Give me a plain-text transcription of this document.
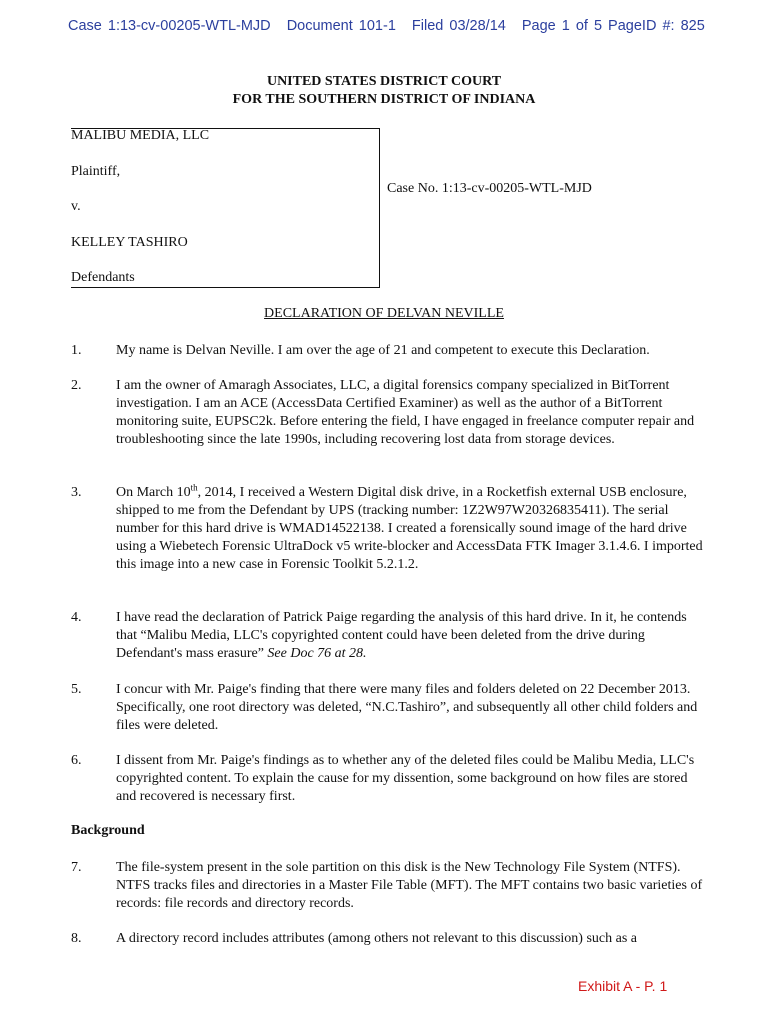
Case 1:13-cv-00205-WTL-MJD Document 101-1 Filed 03/28/14 Page 1 of 5 PageID #: 825
UNITED STATES DISTRICT COURT
FOR THE SOUTHERN DISTRICT OF INDIANA
MALIBU MEDIA, LLC
Plaintiff,
v.
KELLEY TASHIRO
Defendants
Case No. 1:13-cv-00205-WTL-MJD
DECLARATION OF DELVAN NEVILLE
1. My name is Delvan Neville. I am over the age of 21 and competent to execute this Declaration.

2. I am the owner of Amaragh Associates, LLC, a digital forensics company specialized in BitTorrent investigation. I am an ACE (AccessData Certified Examiner) as well as the author of a BitTorrent monitoring suite, EUPSC2k. Before entering the field, I have engaged in freelance computer repair and troubleshooting since the late 1990s, including recovering lost data from storage devices.

3. On March 10th, 2014, I received a Western Digital disk drive, in a Rocketfish external USB enclosure, shipped to me from the Defendant by UPS (tracking number: 1Z2W97W20326835411). The serial number for this hard drive is WMAD14522138. I created a forensically sound image of the hard drive using a Wiebetech Forensic UltraDock v5 write-blocker and AccessData FTK Imager 3.1.4.6. I imported this image into a new case in Forensic Toolkit 5.2.1.2.

4. I have read the declaration of Patrick Paige regarding the analysis of this hard drive. In it, he contends that “Malibu Media, LLC's copyrighted content could have been deleted from the drive during Defendant's mass erasure” See Doc 76 at 28.

5. I concur with Mr. Paige's finding that there were many files and folders deleted on 22 December 2013. Specifically, one root directory was deleted, “N.C.Tashiro”, and subsequently all other child folders and files were deleted.

6. I dissent from Mr. Paige's findings as to whether any of the deleted files could be Malibu Media, LLC's copyrighted content. To explain the cause for my dissention, some background on how files are stored and recovered is necessary first.

Background
7. The file-system present in the sole partition on this disk is the New Technology File System (NTFS). NTFS tracks files and directories in a Master File Table (MFT). The MFT contains two basic varieties of records: file records and directory records.

8. A directory record includes attributes (among others not relevant to this discussion) such as a

Exhibit A - P. 1
